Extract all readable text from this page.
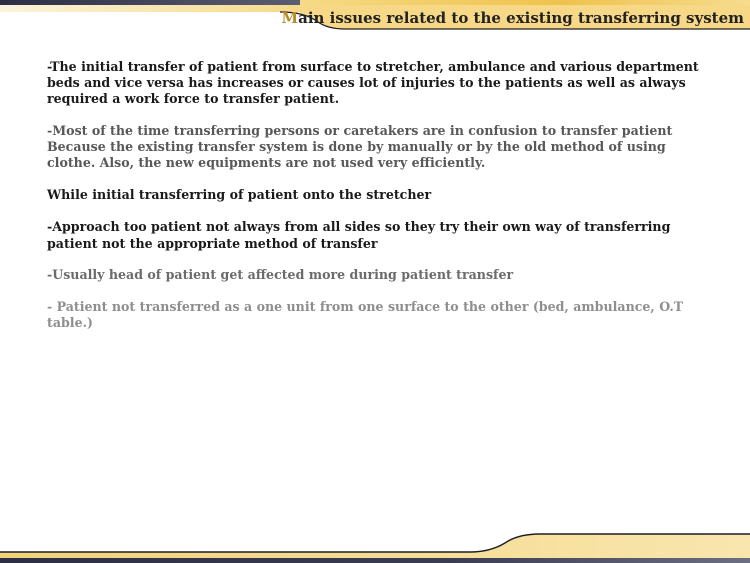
Main issues related to the existing transferring system

-The initial transfer of patient from surface to stretcher, ambulance and various department beds and vice versa has increases or causes lot of injuries to the patients as well as always required a work force to transfer patient.

-Most of the time transferring persons or caretakers are in confusion to transfer patient Because the existing transfer system is done by manually or by the old method of using clothe. Also, the new equipments are not used very efficiently.

While initial transferring of patient onto the stretcher

-Approach too patient not always from all sides so they try their own way of transferring patient not the appropriate method of transfer

-Usually head of patient get affected more during patient transfer

- Patient not transferred as a one unit from one surface to the other (bed, ambulance, O.T table.)
